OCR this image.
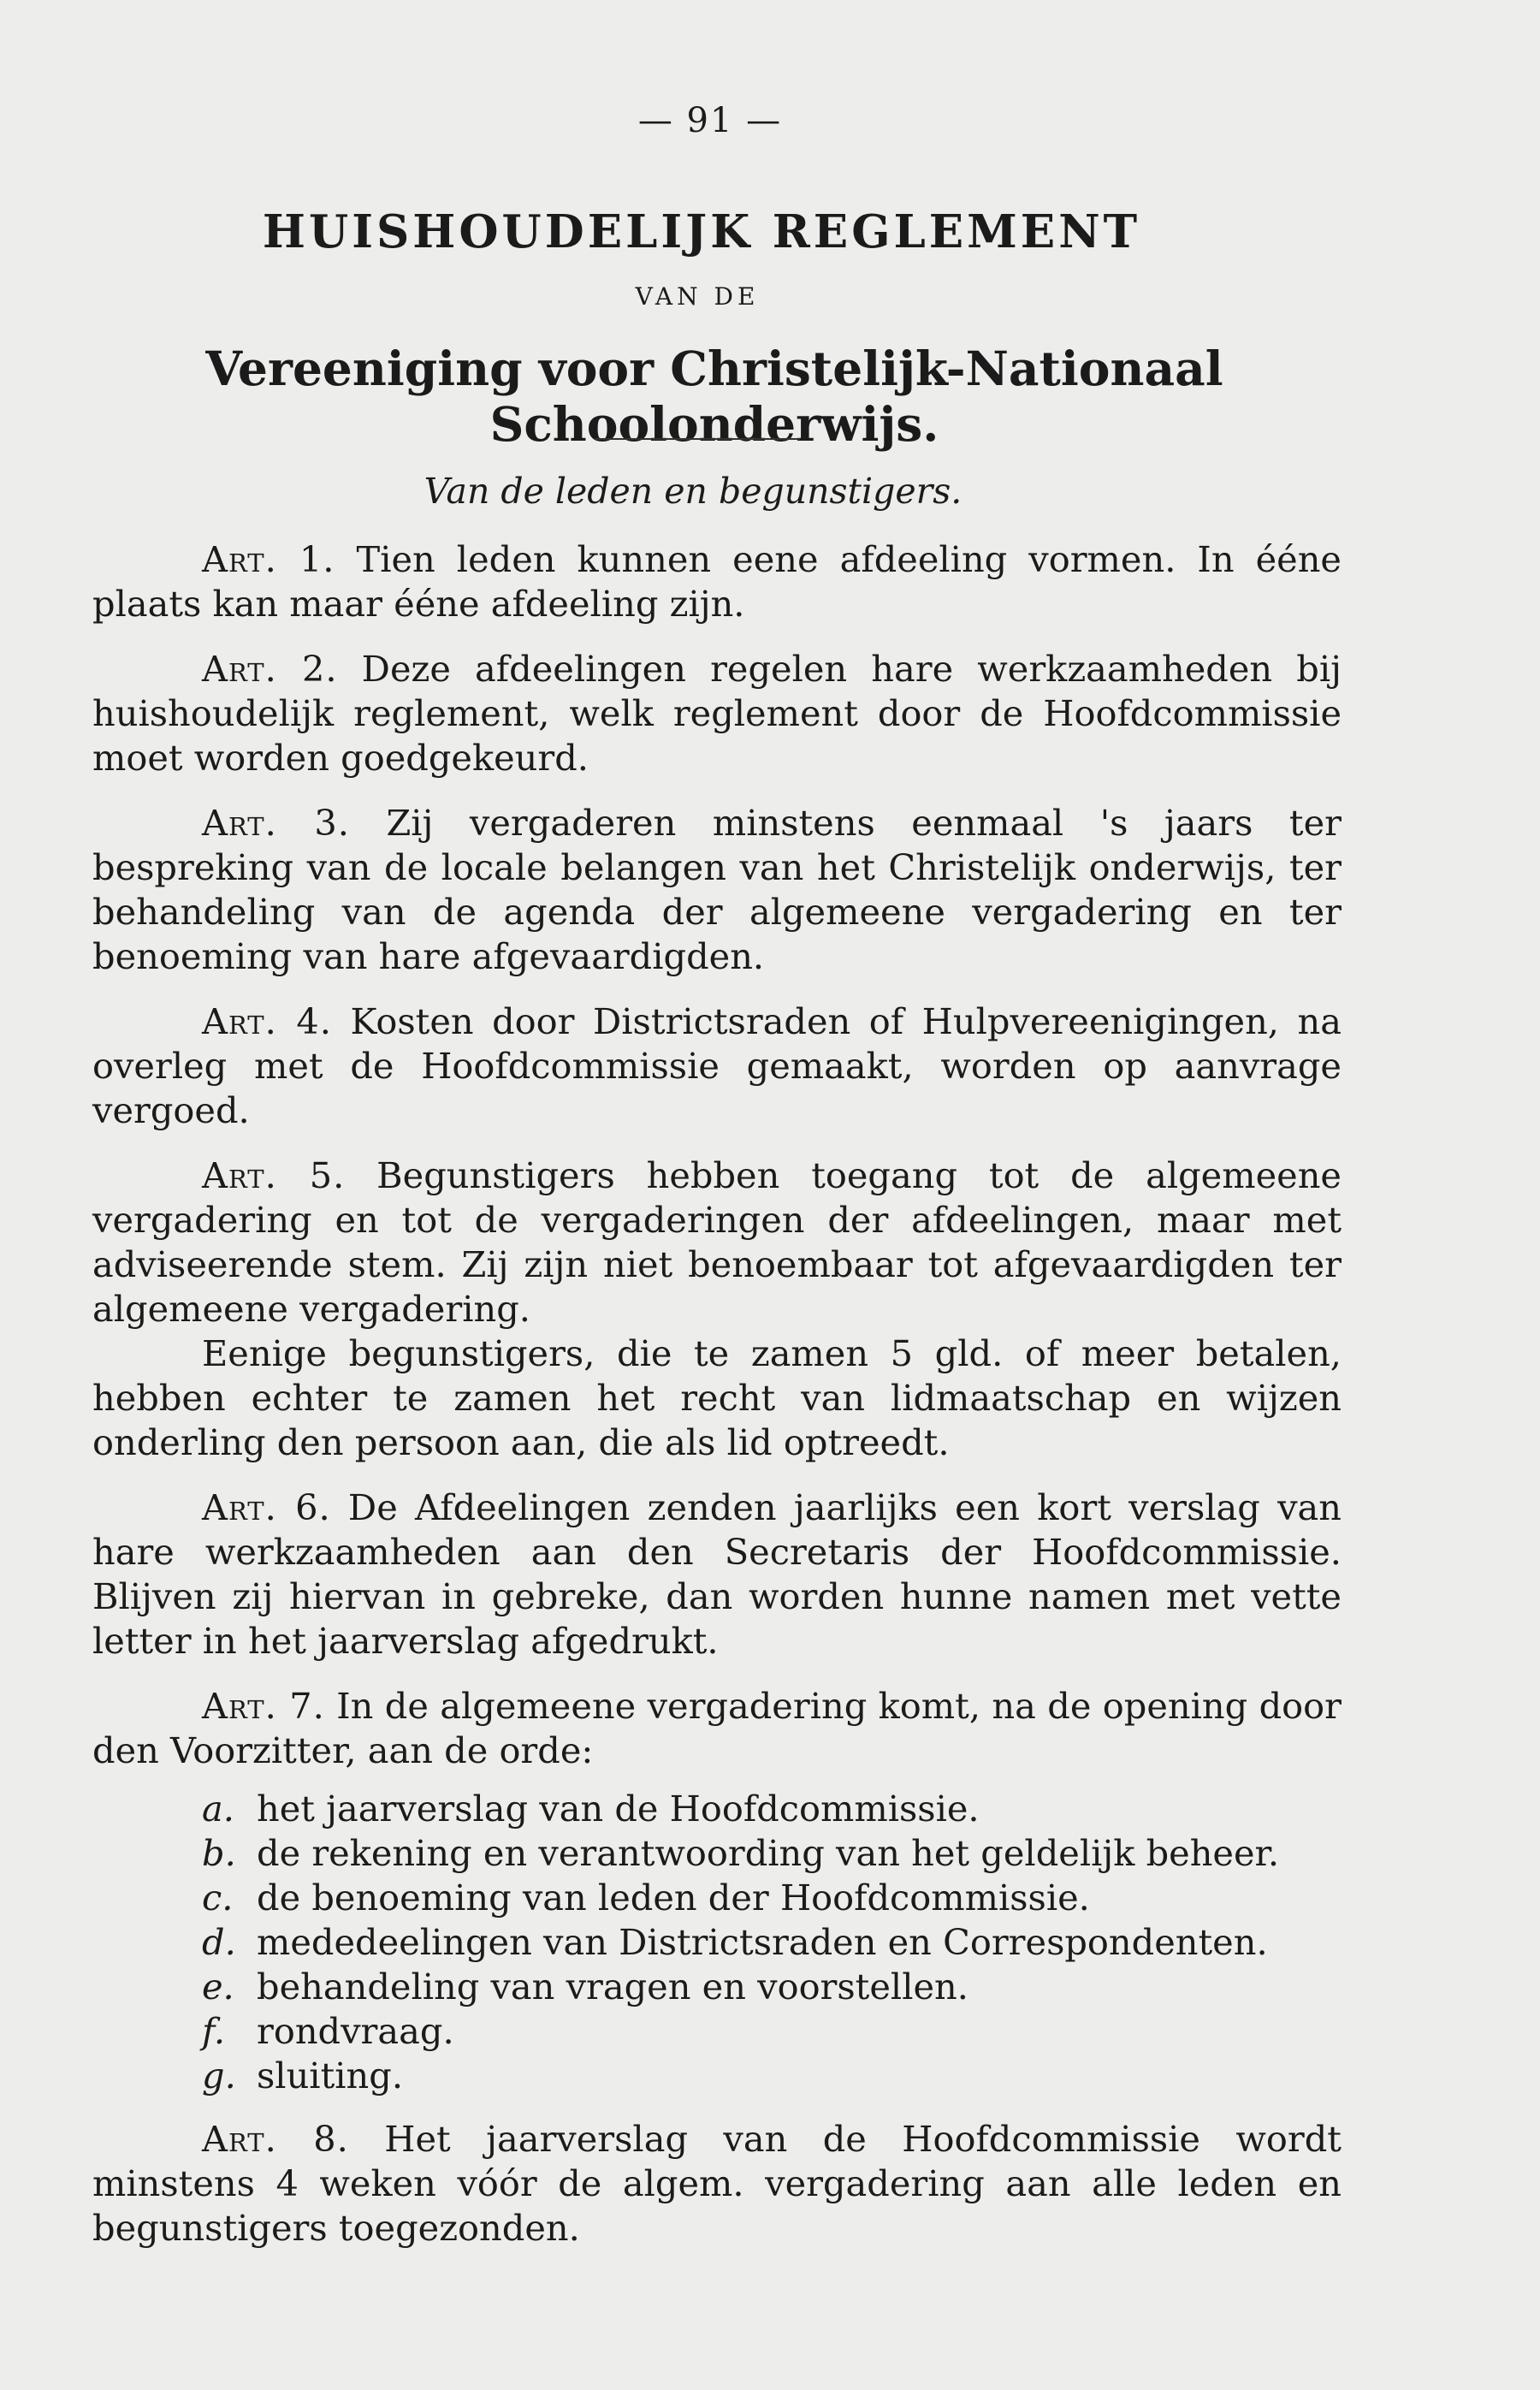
— 91 —
HUISHOUDELIJK REGLEMENT
VAN DE
Vereeniging voor Christelijk-Nationaal Schoolonderwijs.
Van de leden en begunstigers.

Art. 1. Tien leden kunnen eene afdeeling vormen. In ééne plaats kan maar ééne afdeeling zijn.

Art. 2. Deze afdeelingen regelen hare werkzaamheden bij huishoudelijk reglement, welk reglement door de Hoofdcommissie moet worden goedgekeurd.

Art. 3. Zij vergaderen minstens eenmaal 's jaars ter bespreking van de locale belangen van het Christelijk onderwijs, ter behandeling van de agenda der algemeene vergadering en ter benoeming van hare afgevaardigden.

Art. 4. Kosten door Districtsraden of Hulpvereenigingen, na overleg met de Hoofdcommissie gemaakt, worden op aanvrage vergoed.

Art. 5. Begunstigers hebben toegang tot de algemeene vergadering en tot de vergaderingen der afdeelingen, maar met adviseerende stem. Zij zijn niet benoembaar tot afgevaardigden ter algemeene vergadering.

Eenige begunstigers, die te zamen 5 gld. of meer betalen, hebben echter te zamen het recht van lidmaatschap en wijzen onderling den persoon aan, die als lid optreedt.

Art. 6. De Afdeelingen zenden jaarlijks een kort verslag van hare werkzaamheden aan den Secretaris der Hoofdcommissie. Blijven zij hiervan in gebreke, dan worden hunne namen met vette letter in het jaarverslag afgedrukt.

Art. 7. In de algemeene vergadering komt, na de opening door den Voorzitter, aan de orde:

a. het jaarverslag van de Hoofdcommissie.
b. de rekening en verantwoording van het geldelijk beheer.
c. de benoeming van leden der Hoofdcommissie.
d. mededeelingen van Districtsraden en Correspondenten.
e. behandeling van vragen en voorstellen.
f. rondvraag.
g. sluiting.

Art. 8. Het jaarverslag van de Hoofdcommissie wordt minstens 4 weken vóór de algem. vergadering aan alle leden en begunstigers toegezonden.
